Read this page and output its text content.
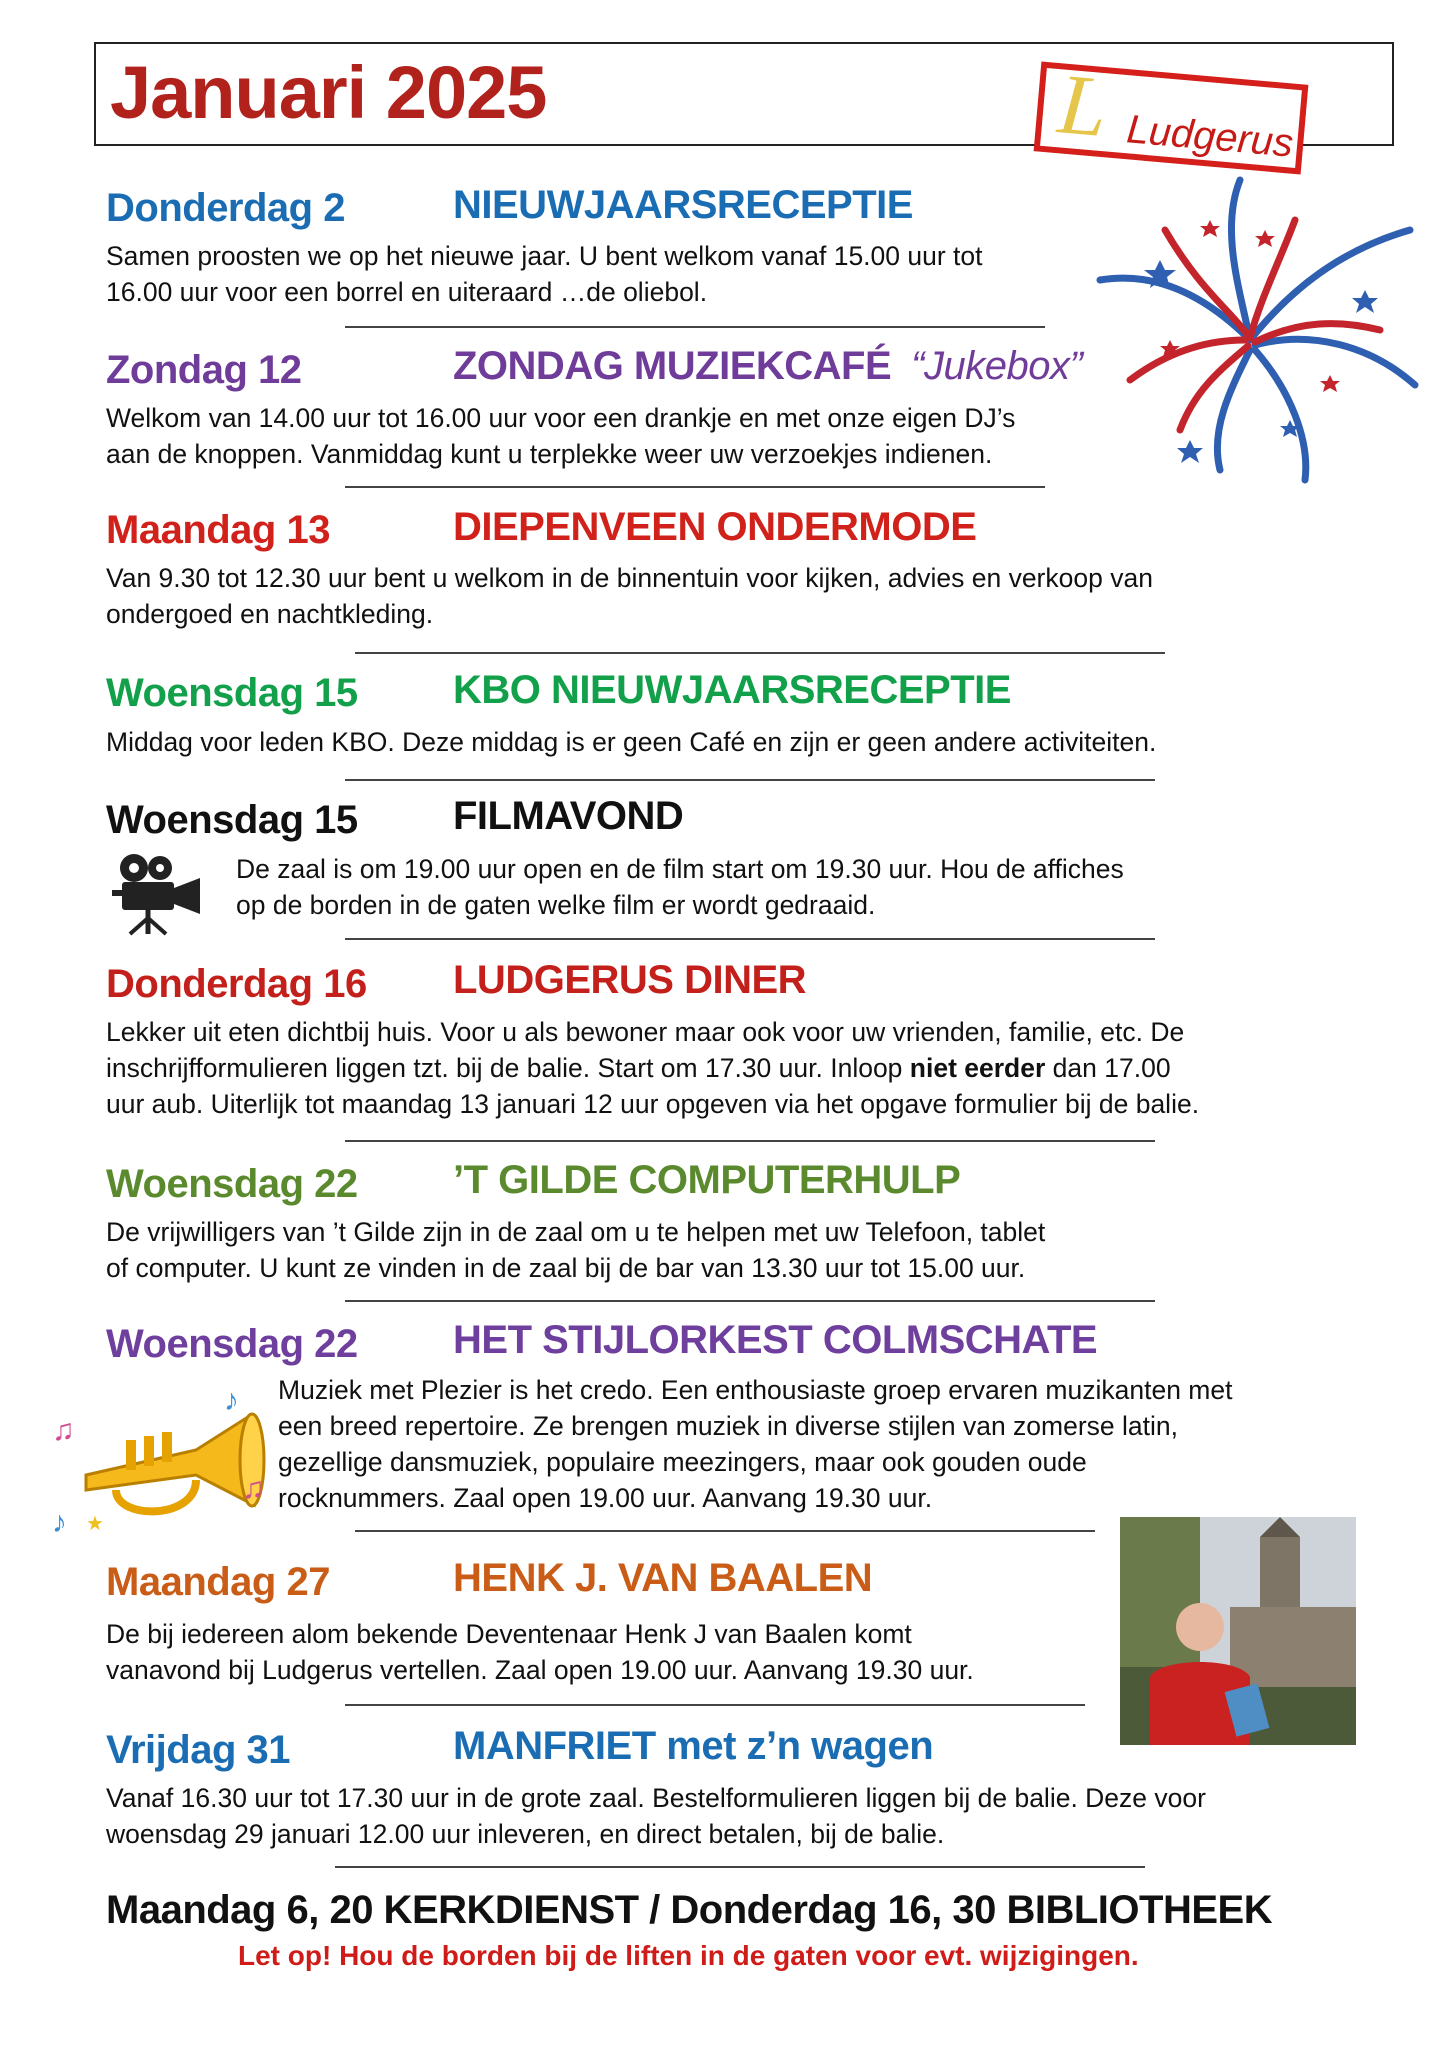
Januari 2025	L Ludgerus
Donderdag 2	NIEUWJAARSRECEPTIE
Samen proosten we op het nieuwe jaar. U bent welkom vanaf 15.00 uur tot
16.00 uur voor een borrel en uiteraard …de oliebol.
Zondag 12	ZONDAG MUZIEKCAFÉ “Jukebox”
Welkom van 14.00 uur tot 16.00 uur voor een drankje en met onze eigen DJ’s
aan de knoppen. Vanmiddag kunt u terplekke weer uw verzoekjes indienen.
Maandag 13	DIEPENVEEN ONDERMODE
Van 9.30 tot 12.30 uur bent u welkom in de binnentuin voor kijken, advies en verkoop van
ondergoed en nachtkleding.
Woensdag 15 KBO NIEUWJAARSRECEPTIE
Middag voor leden KBO. Deze middag is er geen Café en zijn er geen andere activiteiten.
Woensdag 15 FILMAVOND
De zaal is om 19.00 uur open en de film start om 19.30 uur. Hou de affiches
op de borden in de gaten welke film er wordt gedraaid.
Donderdag 16 LUDGERUS DINER
Lekker uit eten dichtbij huis. Voor u als bewoner maar ook voor uw vrienden, familie, etc. De
inschrijfformulieren liggen tzt. bij de balie. Start om 17.30 uur. Inloop niet eerder dan 17.00
uur aub. Uiterlijk tot maandag 13 januari 12 uur opgeven via het opgave formulier bij de balie.
Woensdag 22 ’T GILDE COMPUTERHULP
De vrijwilligers van ’t Gilde zijn in de zaal om u te helpen met uw Telefoon, tablet
of computer. U kunt ze vinden in de zaal bij de bar van 13.30 uur tot 15.00 uur.
Woensdag 22 HET STIJLORKEST COLMSCHATE
♫
♪
♫
♪ ★
Muziek met Plezier is het credo. Een enthousiaste groep ervaren muzikanten met
een breed repertoire. Ze brengen muziek in diverse stijlen van zomerse latin,
gezellige dansmuziek, populaire meezingers, maar ook gouden oude
rocknummers. Zaal open 19.00 uur. Aanvang 19.30 uur.
Maandag 27	HENK J. VAN BAALEN
De bij iedereen alom bekende Deventenaar Henk J van Baalen komt
vanavond bij Ludgerus vertellen. Zaal open 19.00 uur. Aanvang 19.30 uur.
Vrijdag 31	MANFRIET met z’n wagen
Vanaf 16.30 uur tot 17.30 uur in de grote zaal. Bestelformulieren liggen bij de balie. Deze voor
woensdag 29 januari 12.00 uur inleveren, en direct betalen, bij de balie.
Maandag 6, 20 KERKDIENST / Donderdag 16, 30 BIBLIOTHEEK
Let op! Hou de borden bij de liften in de gaten voor evt. wijzigingen.
